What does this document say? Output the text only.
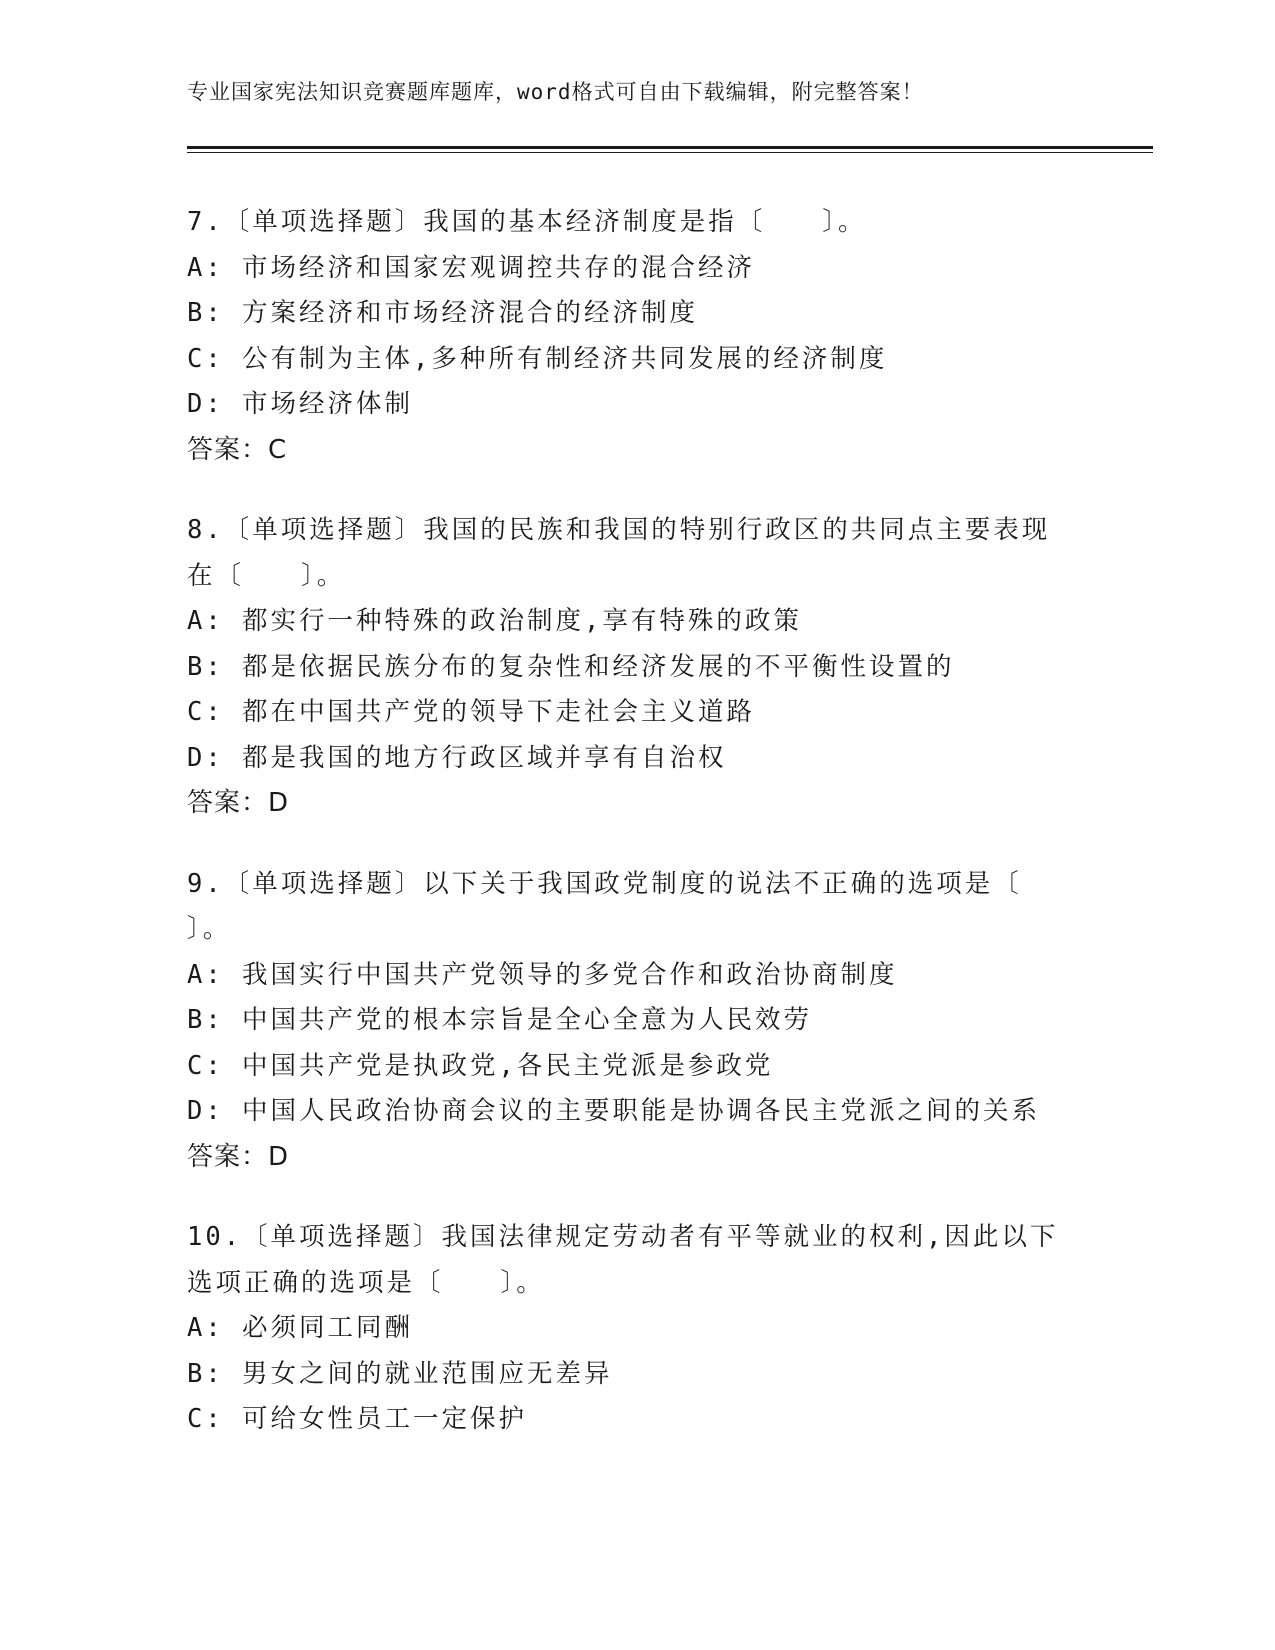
专业国家宪法知识竞赛题库题库，word格式可自由下载编辑，附完整答案！
7.〔单项选择题〕我国的基本经济制度是指〔　　〕。
A: 市场经济和国家宏观调控共存的混合经济
B: 方案经济和市场经济混合的经济制度
C: 公有制为主体,多种所有制经济共同发展的经济制度
D: 市场经济体制
答案：C
8.〔单项选择题〕我国的民族和我国的特别行政区的共同点主要表现
在〔　　〕。
A: 都实行一种特殊的政治制度,享有特殊的政策
B: 都是依据民族分布的复杂性和经济发展的不平衡性设置的
C: 都在中国共产党的领导下走社会主义道路
D: 都是我国的地方行政区域并享有自治权
答案：D
9.〔单项选择题〕以下关于我国政党制度的说法不正确的选项是〔
〕。
A: 我国实行中国共产党领导的多党合作和政治协商制度
B: 中国共产党的根本宗旨是全心全意为人民效劳
C: 中国共产党是执政党,各民主党派是参政党
D: 中国人民政治协商会议的主要职能是协调各民主党派之间的关系
答案：D
10.〔单项选择题〕我国法律规定劳动者有平等就业的权利,因此以下
选项正确的选项是〔　　〕。
A: 必须同工同酬
B: 男女之间的就业范围应无差异
C: 可给女性员工一定保护
